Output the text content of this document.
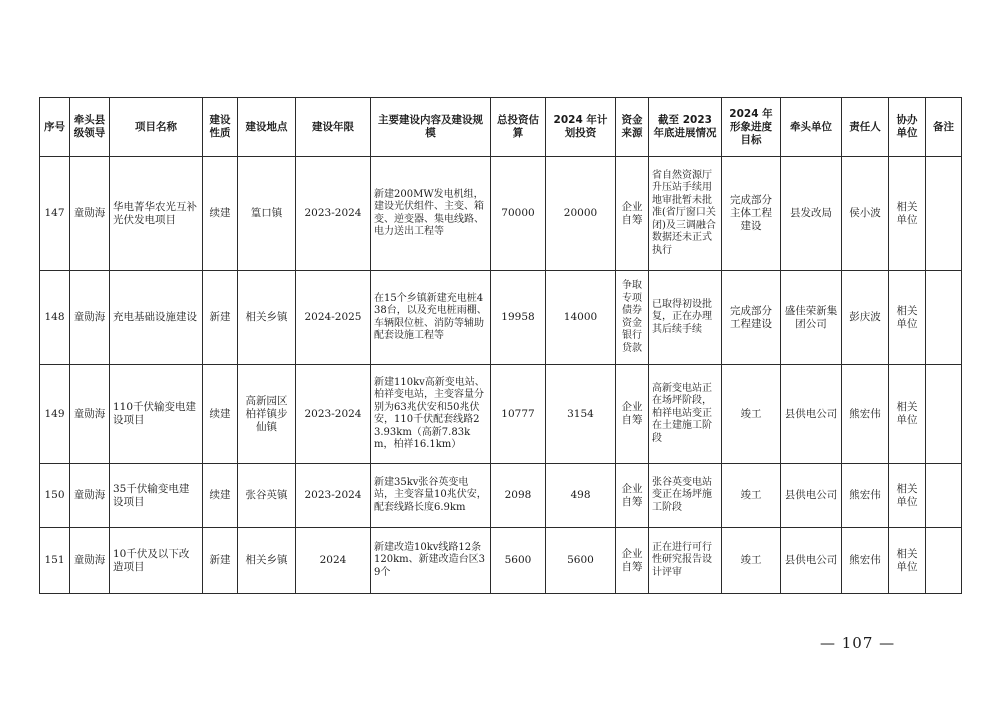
序号	牵头县级领导	项目名称	建设性质	建设地点	建设年限	主要建设内容及建设规模	总投资估算	2024 年计划投资	资金来源	截至 2023 年底进展情况	2024 年形象进度目标	牵头单位	责任人	协办单位	备注
147	童勋海	华电菁华农光互补光伏发电项目	续建	篁口镇	2023-2024	新建200MW发电机组，建设光伏组件、主变、箱变、逆变器、集电线路、电力送出工程等	70000	20000	企业自筹	省自然资源厅升压站手续用地审批暂未批准(省厅窗口关闭)及三调融合数据还未正式执行	完成部分主体工程建设	县发改局	侯小波	相关单位	
148	童勋海	充电基础设施建设	新建	相关乡镇	2024-2025	在15个乡镇新建充电桩438台，以及充电桩雨棚、车辆限位桩、消防等辅助配套设施工程等	19958	14000	争取专项债券资金银行贷款	已取得初设批复，正在办理其后续手续	完成部分工程建设	盛佳荣新集团公司	彭庆波	相关单位	
149	童勋海	110千伏输变电建设项目	续建	高新园区柏祥镇步仙镇	2023-2024	新建110kv高新变电站、柏祥变电站，主变容量分别为63兆伏安和50兆伏安，110千伏配套线路23.93km（高新7.83km，柏祥16.1km）	10777	3154	企业自筹	高新变电站正在场坪阶段，柏祥电站变正在土建施工阶段	竣工	县供电公司	熊宏伟	相关单位	
150	童勋海	35千伏输变电建设项目	续建	张谷英镇	2023-2024	新建35kv张谷英变电站，主变容量10兆伏安，配套线路长度6.9km	2098	498	企业自筹	张谷英变电站变正在场坪施工阶段	竣工	县供电公司	熊宏伟	相关单位	
151	童勋海	10千伏及以下改造项目	新建	相关乡镇	2024	新建改造10kv线路12条120km、新建改造台区39个	5600	5600	企业自筹	正在进行可行性研究报告设计评审	竣工	县供电公司	熊宏伟	相关单位	
— 107 —
